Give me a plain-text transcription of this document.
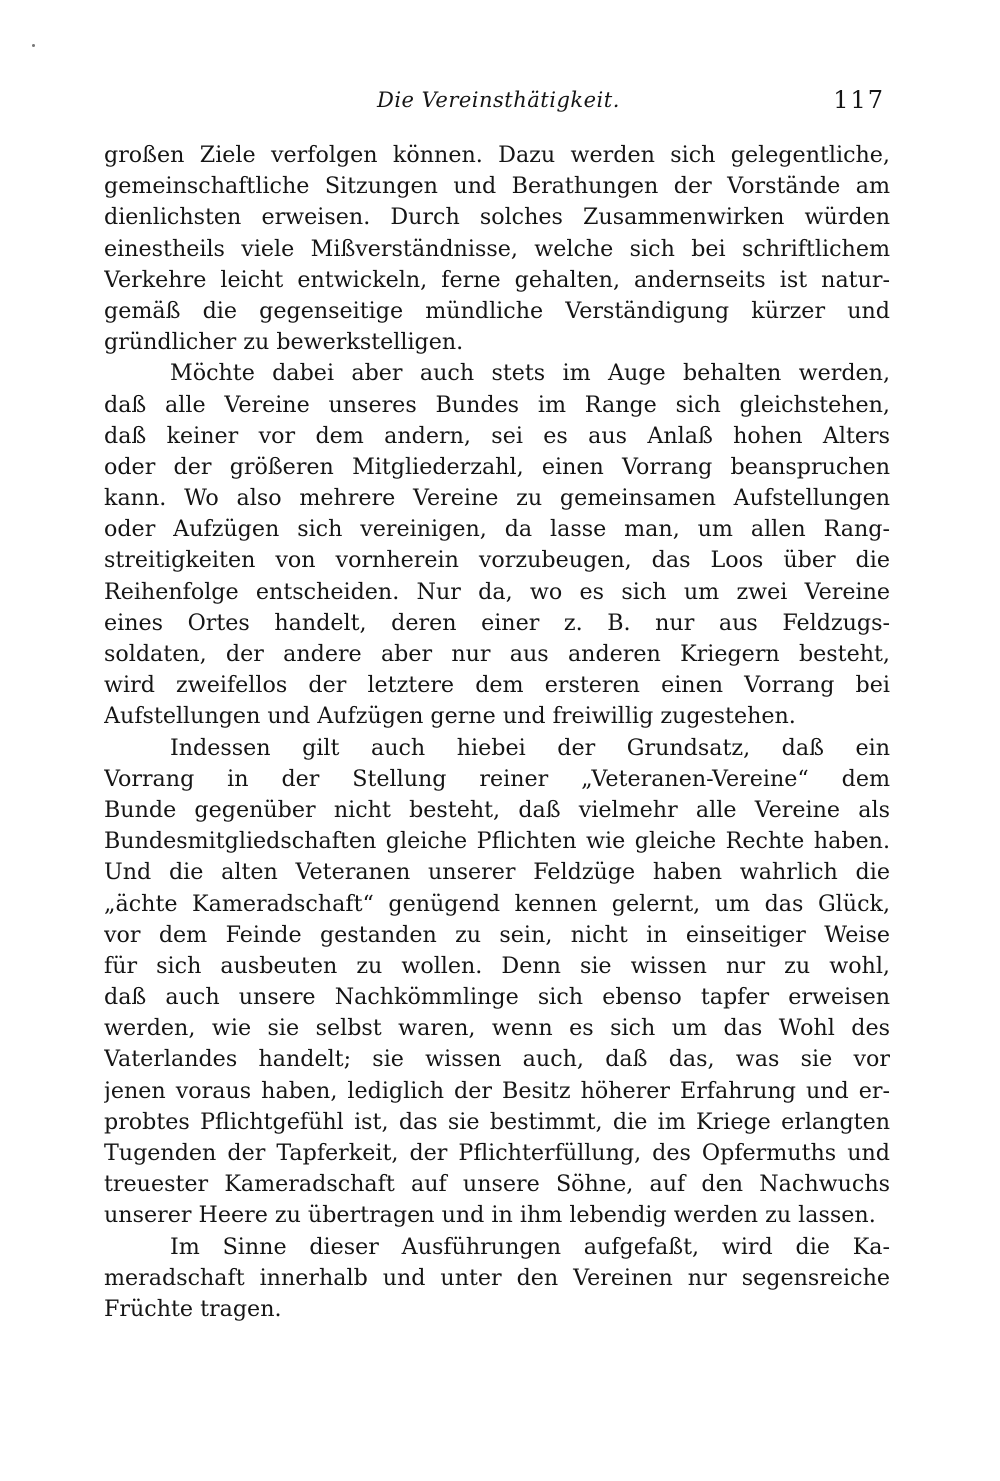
Die Vereinsthätigkeit.	117
großen Ziele verfolgen können. Dazu werden sich gelegentliche,
gemeinschaftliche Sitzungen und Berathungen der Vorstände am
dienlichsten erweisen. Durch solches Zusammenwirken würden
einestheils viele Mißverständnisse, welche sich bei schriftlichem
Verkehre leicht entwickeln, ferne gehalten, andernseits ist natur-
gemäß die gegenseitige mündliche Verständigung kürzer und
gründlicher zu bewerkstelligen.
Möchte dabei aber auch stets im Auge behalten werden,
daß alle Vereine unseres Bundes im Range sich gleichstehen,
daß keiner vor dem andern, sei es aus Anlaß hohen Alters
oder der größeren Mitgliederzahl, einen Vorrang beanspruchen
kann. Wo also mehrere Vereine zu gemeinsamen Aufstellungen
oder Aufzügen sich vereinigen, da lasse man, um allen Rang-
streitigkeiten von vornherein vorzubeugen, das Loos über die
Reihenfolge entscheiden. Nur da, wo es sich um zwei Vereine
eines Ortes handelt, deren einer z. B. nur aus Feldzugs-
soldaten, der andere aber nur aus anderen Kriegern besteht,
wird zweifellos der letztere dem ersteren einen Vorrang bei
Aufstellungen und Aufzügen gerne und freiwillig zugestehen.
Indessen gilt auch hiebei der Grundsatz, daß ein
Vorrang in der Stellung reiner „Veteranen-Vereine“ dem
Bunde gegenüber nicht besteht, daß vielmehr alle Vereine als
Bundesmitgliedschaften gleiche Pflichten wie gleiche Rechte haben.
Und die alten Veteranen unserer Feldzüge haben wahrlich die
„ächte Kameradschaft“ genügend kennen gelernt, um das Glück,
vor dem Feinde gestanden zu sein, nicht in einseitiger Weise
für sich ausbeuten zu wollen. Denn sie wissen nur zu wohl,
daß auch unsere Nachkömmlinge sich ebenso tapfer erweisen
werden, wie sie selbst waren, wenn es sich um das Wohl des
Vaterlandes handelt; sie wissen auch, daß das, was sie vor
jenen voraus haben, lediglich der Besitz höherer Erfahrung und er-
probtes Pflichtgefühl ist, das sie bestimmt, die im Kriege erlangten
Tugenden der Tapferkeit, der Pflichterfüllung, des Opfermuths und
treuester Kameradschaft auf unsere Söhne, auf den Nachwuchs
unserer Heere zu übertragen und in ihm lebendig werden zu lassen.
Im Sinne dieser Ausführungen aufgefaßt, wird die Ka-
meradschaft innerhalb und unter den Vereinen nur segensreiche
Früchte tragen.
